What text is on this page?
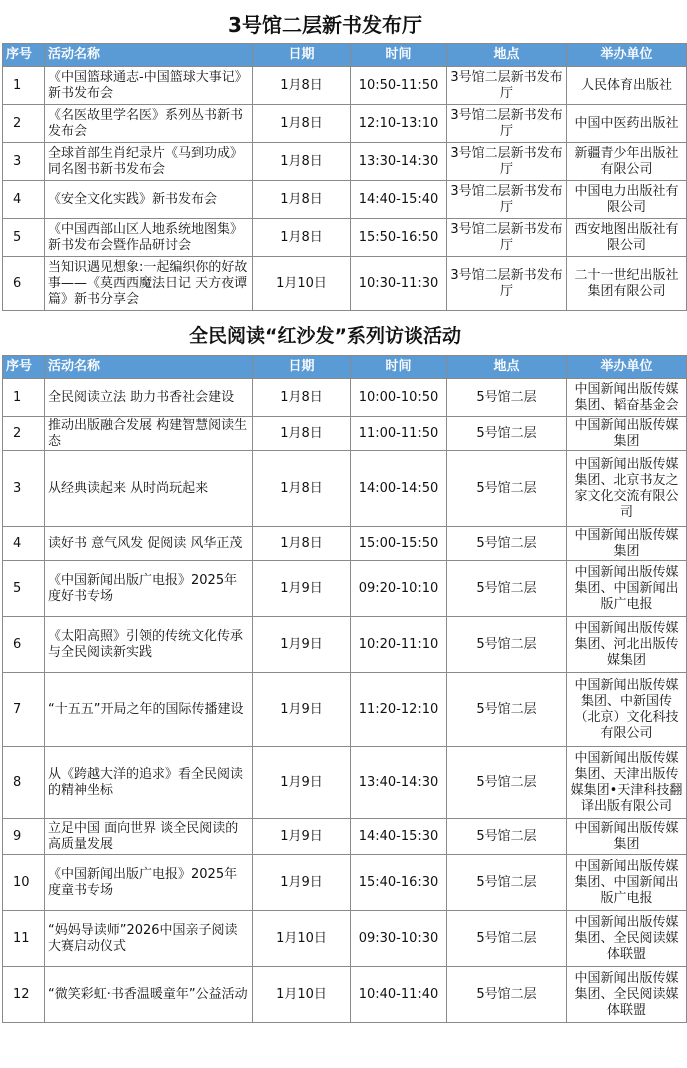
3号馆二层新书发布厅
序号	活动名称	日期	时间	地点	举办单位
1	《中国篮球通志-中国篮球大事记》新书发布会	1月8日	10:50-11:50	3号馆二层新书发布厅	人民体育出版社
2	《名医故里学名医》系列丛书新书发布会	1月8日	12:10-13:10	3号馆二层新书发布厅	中国中医药出版社
3	全球首部生肖纪录片《马到功成》同名图书新书发布会	1月8日	13:30-14:30	3号馆二层新书发布厅	新疆青少年出版社有限公司
4	《安全文化实践》新书发布会	1月8日	14:40-15:40	3号馆二层新书发布厅	中国电力出版社有限公司
5	《中国西部山区人地系统地图集》新书发布会暨作品研讨会	1月8日	15:50-16:50	3号馆二层新书发布厅	西安地图出版社有限公司
6	当知识遇见想象:一起编织你的好故事——《莫西西魔法日记 天方夜谭篇》新书分享会	1月10日	10:30-11:30	3号馆二层新书发布厅	二十一世纪出版社集团有限公司
全民阅读“红沙发”系列访谈活动
序号	活动名称	日期	时间	地点	举办单位
1	全民阅读立法 助力书香社会建设	1月8日	10:00-10:50	5号馆二层	中国新闻出版传媒集团、韬奋基金会
2	推动出版融合发展 构建智慧阅读生态	1月8日	11:00-11:50	5号馆二层	中国新闻出版传媒集团
3	从经典读起来 从时尚玩起来	1月8日	14:00-14:50	5号馆二层	中国新闻出版传媒集团、北京书友之家文化交流有限公司
4	读好书 意气风发 促阅读 风华正茂	1月8日	15:00-15:50	5号馆二层	中国新闻出版传媒集团
5	《中国新闻出版广电报》2025年度好书专场	1月9日	09:20-10:10	5号馆二层	中国新闻出版传媒集团、中国新闻出版广电报
6	《太阳高照》引领的传统文化传承与全民阅读新实践	1月9日	10:20-11:10	5号馆二层	中国新闻出版传媒集团、河北出版传媒集团
7	“十五五”开局之年的国际传播建设	1月9日	11:20-12:10	5号馆二层	中国新闻出版传媒集团、中新国传（北京）文化科技有限公司
8	从《跨越大洋的追求》看全民阅读的精神坐标	1月9日	13:40-14:30	5号馆二层	中国新闻出版传媒集团、天津出版传媒集团•天津科技翻译出版有限公司
9	立足中国 面向世界 谈全民阅读的高质量发展	1月9日	14:40-15:30	5号馆二层	中国新闻出版传媒集团
10	《中国新闻出版广电报》2025年度童书专场	1月9日	15:40-16:30	5号馆二层	中国新闻出版传媒集团、中国新闻出版广电报
11	“妈妈导读师”2026中国亲子阅读大赛启动仪式	1月10日	09:30-10:30	5号馆二层	中国新闻出版传媒集团、全民阅读媒体联盟
12	“微笑彩虹·书香温暖童年”公益活动	1月10日	10:40-11:40	5号馆二层	中国新闻出版传媒集团、全民阅读媒体联盟
